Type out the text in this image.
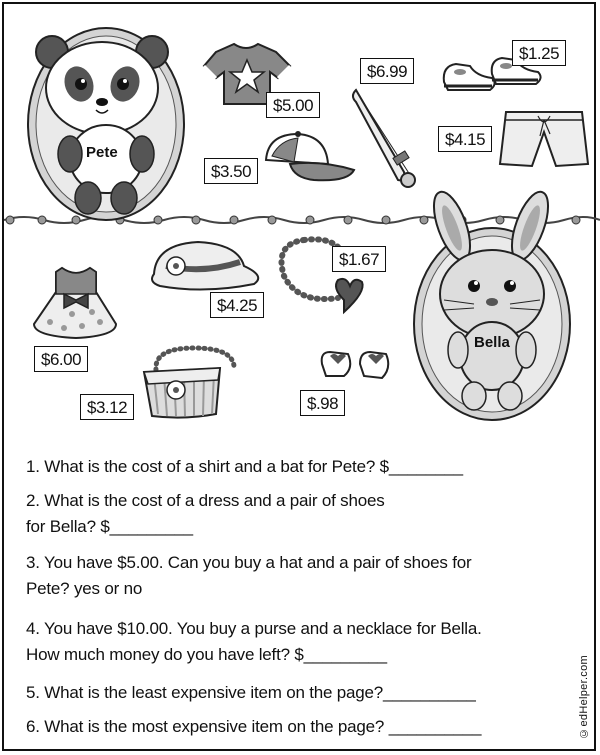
Pete
Bella
$5.00
$6.99
$1.25
$4.15
$3.50
$6.00
$4.25
$1.67
$3.12	$.98
1. What is the cost of a shirt and a bat for Pete? $________
2. What is the cost of a dress and a pair of shoes
for Bella? $_________
3. You have $5.00. Can you buy a hat and a pair of shoes for
Pete? yes or no
4. You have $10.00. You buy a purse and a necklace for Bella.
How much money do you have left? $_________
5. What is the least expensive item on the page?__________
6. What is the most expensive item on the page? __________	©edHelper.com
